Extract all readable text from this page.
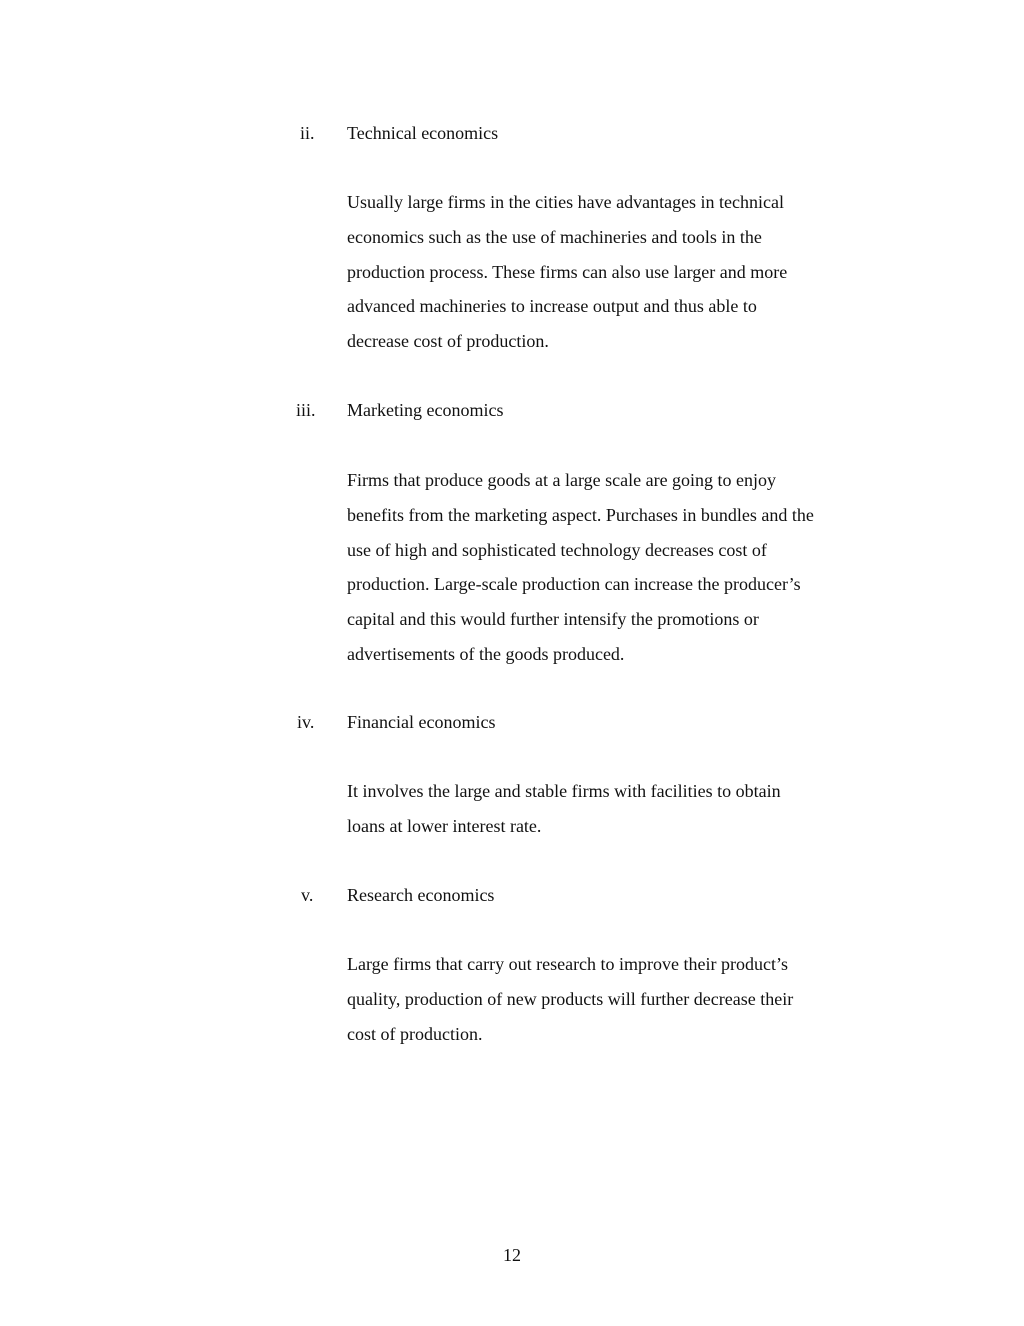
ii. Technical economics
Usually large firms in the cities have advantages in technical
economics such as the use of machineries and tools in the
production process. These firms can also use larger and more
advanced machineries to increase output and thus able to
decrease cost of production.
iii. Marketing economics
Firms that produce goods at a large scale are going to enjoy
benefits from the marketing aspect. Purchases in bundles and the
use of high and sophisticated technology decreases cost of
production. Large-scale production can increase the producer’s
capital and this would further intensify the promotions or
advertisements of the goods produced.
iv. Financial economics
It involves the large and stable firms with facilities to obtain
loans at lower interest rate.
v. Research economics
Large firms that carry out research to improve their product’s
quality, production of new products will further decrease their
cost of production.
12
